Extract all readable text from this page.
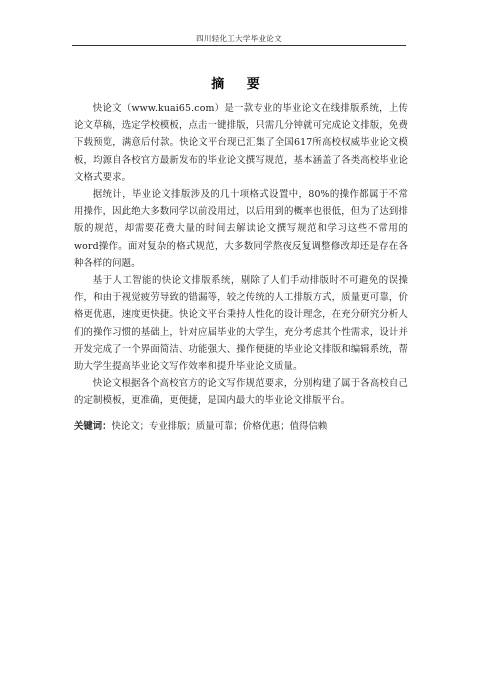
四川轻化工大学毕业论文
摘 要

快论文（www.kuai65.com）是一款专业的毕业论文在线排版系统，上传论文草稿，选定学校模板，点击一键排版，只需几分钟就可完成论文排版，免费下载预览，满意后付款。快论文平台现已汇集了全国617所高校权威毕业论文模板，均源自各校官方最新发布的毕业论文撰写规范，基本涵盖了各类高校毕业论文格式要求。

据统计，毕业论文排版涉及的几十项格式设置中，80%的操作都属于不常用操作，因此绝大多数同学以前没用过，以后用到的概率也很低，但为了达到排版的规范，却需要花费大量的时间去解读论文撰写规范和学习这些不常用的word操作。面对复杂的格式规范，大多数同学熬夜反复调整修改却还是存在各种各样的问题。

基于人工智能的快论文排版系统，剔除了人们手动排版时不可避免的误操作，和由于视觉疲劳导致的错漏等，较之传统的人工排版方式，质量更可靠，价格更优惠，速度更快捷。快论文平台秉持人性化的设计理念，在充分研究分析人们的操作习惯的基础上，针对应届毕业的大学生，充分考虑其个性需求，设计并开发完成了一个界面简洁、功能强大、操作便捷的毕业论文排版和编辑系统，帮助大学生提高毕业论文写作效率和提升毕业论文质量。

快论文根据各个高校官方的论文写作规范要求，分别构建了属于各高校自己的定制模板，更准确，更便捷，是国内最大的毕业论文排版平台。

关键词：快论文；专业排版；质量可靠；价格优惠；值得信赖
